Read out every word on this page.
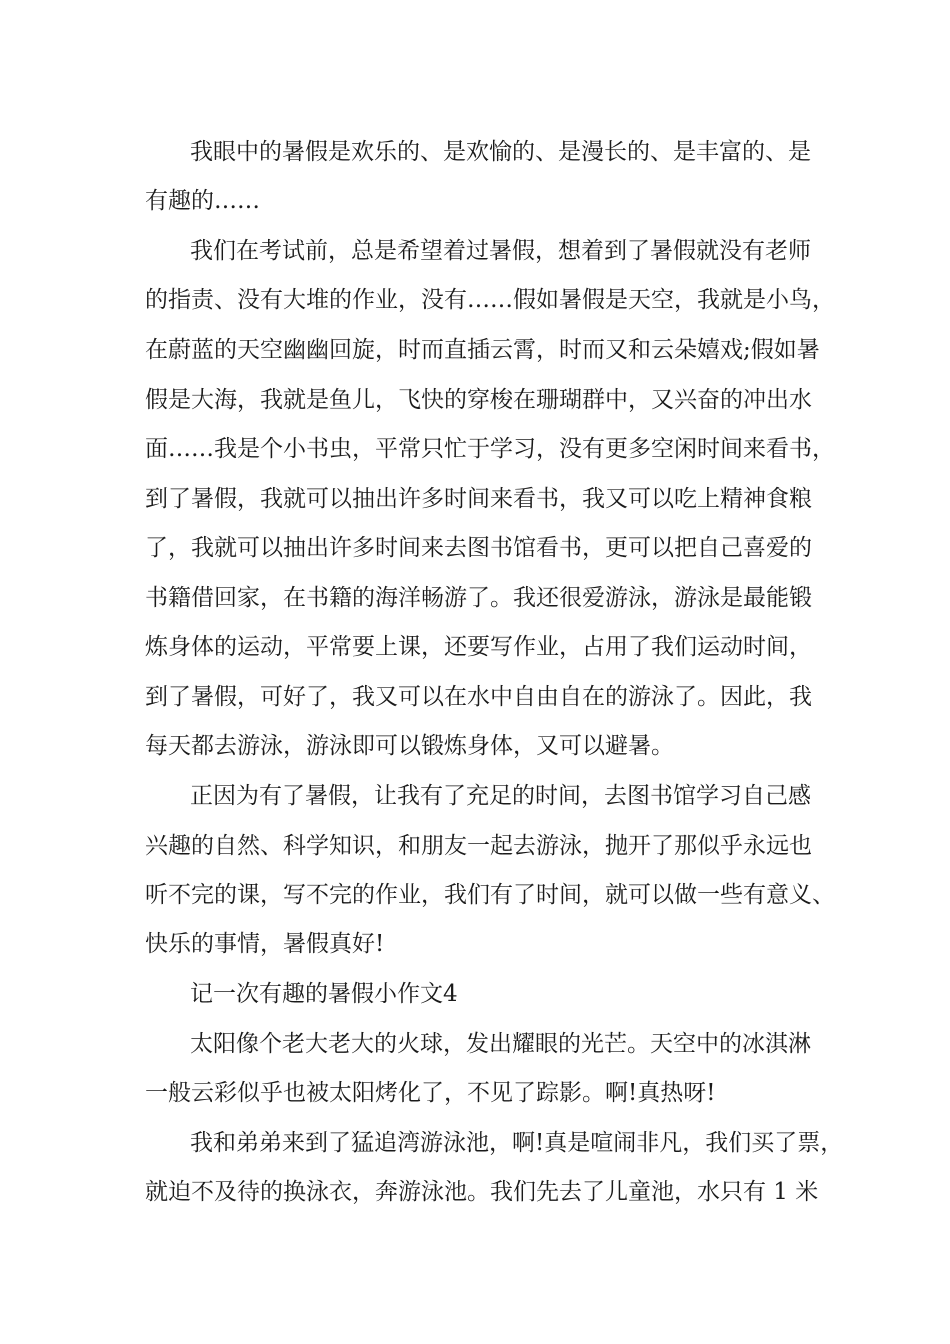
我眼中的暑假是欢乐的、是欢愉的、是漫长的、是丰富的、是
有趣的……
我们在考试前，总是希望着过暑假，想着到了暑假就没有老师
的指责、没有大堆的作业，没有……假如暑假是天空，我就是小鸟，
在蔚蓝的天空幽幽回旋，时而直插云霄，时而又和云朵嬉戏;假如暑
假是大海，我就是鱼儿，飞快的穿梭在珊瑚群中，又兴奋的冲出水
面……我是个小书虫，平常只忙于学习，没有更多空闲时间来看书，
到了暑假，我就可以抽出许多时间来看书，我又可以吃上精神食粮
了，我就可以抽出许多时间来去图书馆看书，更可以把自己喜爱的
书籍借回家，在书籍的海洋畅游了。我还很爱游泳，游泳是最能锻
炼身体的运动，平常要上课，还要写作业，占用了我们运动时间，
到了暑假，可好了，我又可以在水中自由自在的游泳了。因此，我
每天都去游泳，游泳即可以锻炼身体，又可以避暑。
正因为有了暑假，让我有了充足的时间，去图书馆学习自己感
兴趣的自然、科学知识，和朋友一起去游泳，抛开了那似乎永远也
听不完的课，写不完的作业，我们有了时间，就可以做一些有意义、
快乐的事情，暑假真好!
记一次有趣的暑假小作文4
太阳像个老大老大的火球，发出耀眼的光芒。天空中的冰淇淋
一般云彩似乎也被太阳烤化了，不见了踪影。啊!真热呀!
我和弟弟来到了猛追湾游泳池，啊!真是喧闹非凡，我们买了票，
就迫不及待的换泳衣，奔游泳池。我们先去了儿童池，水只有 1 米
